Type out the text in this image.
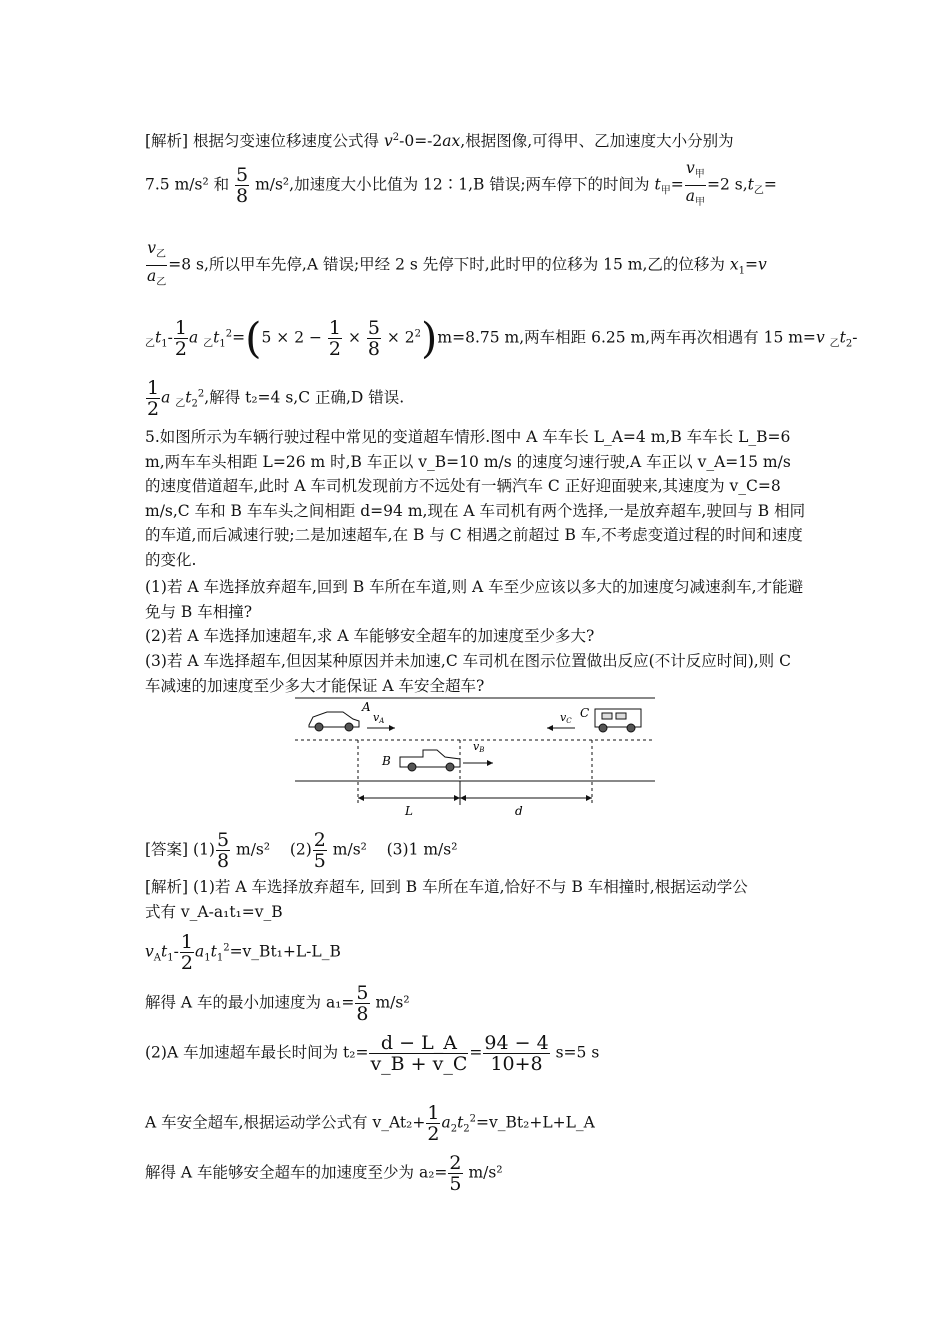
[解析] 根据匀变速位移速度公式得 $v^2-0=-2ax$,根据图像,可得甲、乙加速度大小分别为
7.5 m/s² 和 $\frac{5}{8} m/s^2$,加速度大小比值为 12∶1,B 错误;两车停下的时间为 $t_甲= \frac{v_甲}{a_甲} =2$ $s,t_乙=$
$\frac{v_乙}{a_乙} =8$ s,所以甲车先停,A 错误;甲经 2 s 先停下时,此时甲的位移为 15 m,乙的位移为 $x_1=v$
$_乙t_1- \frac{1}{2}$ a $_乙t_1^2=(5 \times 2 - \frac{1}{2} \times \frac{5}{8} \times 2^2)m=8.75$ m,两车相距 6.25 m,两车再次相遇有 15 m=v $_乙t_2-$
$\frac{1}{2}$ a $_乙t_2^2$,解得 t₂=4 s,C 正确,D 错误.
5.如图所示为车辆行驶过程中常见的变道超车情形.图中 A 车车长 L_A=4 m,B 车车长 L_B=6 m,两车车头相距 L=26 m 时,B 车正以 v_B=10 m/s 的速度匀速行驶,A 车正以 v_A=15 m/s 的速度借道超车,此时 A 车司机发现前方不远处有一辆汽车 C 正好迎面驶来,其速度为 v_C=8 m/s,C 车和 B 车车头之间相距 d=94 m,现在 A 车司机有两个选择,一是放弃超车,驶回与 B 相同的车道,而后减速行驶;二是加速超车,在 B 与 C 相遇之前超过 B 车,不考虑变道过程的时间和速度的变化.
(1)若 A 车选择放弃超车,回到 B 车所在车道,则 A 车至少应该以多大的加速度匀减速刹车,才能避免与 B 车相撞?
(2)若 A 车选择加速超车,求 A 车能够安全超车的加速度至少多大?
(3)若 A 车选择超车,但因某种原因并未加速,C 车司机在图示位置做出反应(不计反应时间),则 C 车减速的加速度至少多大才能保证 A 车安全超车?
A
vA
C
vC
B
vB
L	d
[答案] $(1) \frac{5}{8} m/s^2$ $(2) \frac{2}{5} m/s^2$ (3)1 m/s²
[解析] (1)若 A 车选择放弃超车, 回到 B 车所在车道,恰好不与 B 车相撞时,根据运动学公
式有 v_A-a₁t₁=v_B
$v_At_1- \frac{1}{2}$ $a_1t_1^2=v\_Bt_1+L-L\_B$
解得 A 车的最小加速度为 $a_1= \frac{5}{8} m/s^2$
(2)A 车加速超车最长时间为 $t_2= \frac{d - L\_A}{v\_B + v\_C} = \frac{94 - 4}{10+8} s=5$ s
A 车安全超车,根据运动学公式有 v_At₂+ $\frac{1}{2}$ $a_2t_2^2=v\_Bt_2+L+L\_A$
解得 A 车能够安全超车的加速度至少为 $a_2= \frac{2}{5} m/s^2$
